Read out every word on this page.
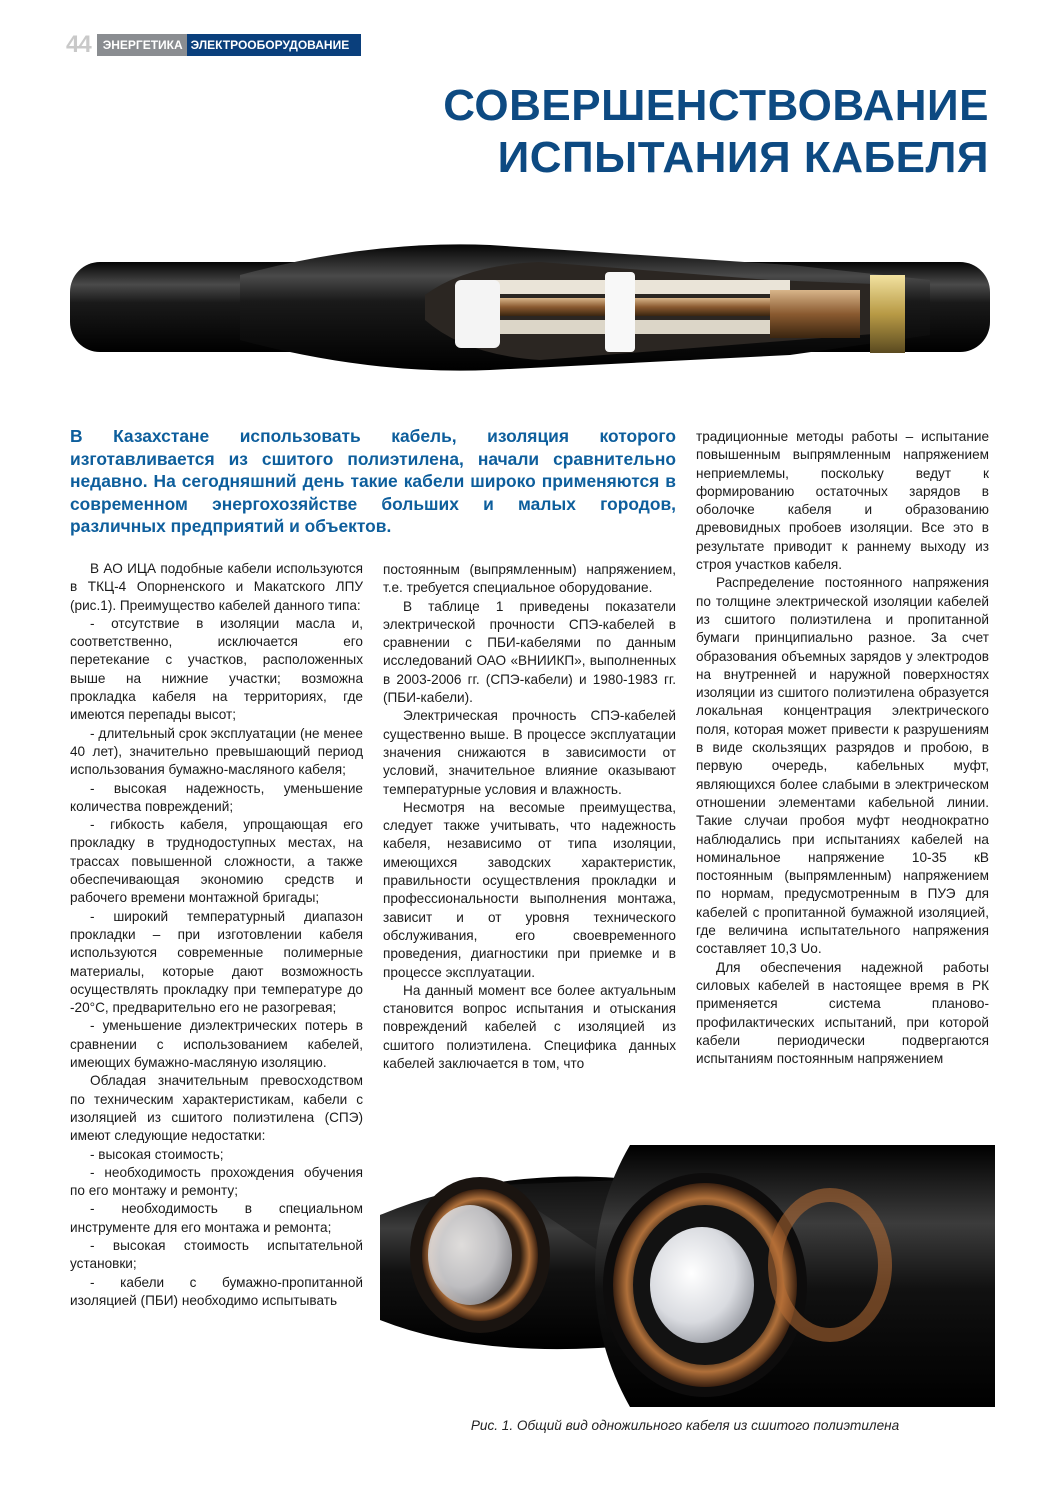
44	ЭНЕРГЕТИКА ЭЛЕКТРООБОРУДОВАНИЕ
СОВЕРШЕНСТВОВАНИЕ
ИСПЫТАНИЯ КАБЕЛЯ
В Казахстане использовать кабель, изоляция которого изготавливается из сшитого полиэтилена, начали сравнительно недавно. На сегодняшний день такие кабели широко применяются в современном энергохозяйстве больших и малых городов, различных предприятий и объектов.

В АО ИЦА подобные кабели используются в ТКЦ-4 Опорненского и Макатского ЛПУ (рис.1). Преимущество кабелей данного типа:

- отсутствие в изоляции масла и, соответственно, исключается его перетекание с участков, расположенных выше на нижние участки; возможна прокладка кабеля на территориях, где имеются перепады высот;

- длительный срок эксплуатации (не менее 40 лет), значительно превышающий период использования бумажно-масляного кабеля;

- высокая надежность, уменьшение количества повреждений;

- гибкость кабеля, упрощающая его прокладку в труднодоступных местах, на трассах повышенной сложности, а также обеспечивающая экономию средств и рабочего времени монтажной бригады;

- широкий температурный диапазон прокладки – при изготовлении кабеля используются современные полимерные материалы, которые дают возможность осуществлять прокладку при температуре до -20°С, предварительно его не разогревая;

- уменьшение диэлектрических потерь в сравнении с использованием кабелей, имеющих бумажно-масляную изоляцию.

Обладая значительным превосходством по техническим характеристикам, кабели с изоляцией из сшитого полиэтилена (СПЭ) имеют следующие недостатки:

- высокая стоимость;

- необходимость прохождения обучения по его монтажу и ремонту;

- необходимость в специальном инструменте для его монтажа и ремонта;

- высокая стоимость испытательной установки;

- кабели с бумажно-пропитанной изоляцией (ПБИ) необходимо испытывать

постоянным (выпрямленным) напряжением, т.е. требуется специальное оборудование.

В таблице 1 приведены показатели электрической прочности СПЭ-кабелей в сравнении с ПБИ-кабелями по данным исследований ОАО «ВНИИКП», выполненных в 2003-2006 гг. (СПЭ-кабели) и 1980-1983 гг. (ПБИ-кабели).

Электрическая прочность СПЭ-кабелей существенно выше. В процессе эксплуатации значения снижаются в зависимости от условий, значительное влияние оказывают температурные условия и влажность.

Несмотря на весомые преимущества, следует также учитывать, что надежность кабеля, независимо от типа изоляции, имеющихся заводских характеристик, правильности осуществления прокладки и профессиональности выполнения монтажа, зависит и от уровня технического обслуживания, его своевременного проведения, диагностики при приемке и в процессе эксплуатации.

На данный момент все более актуальным становится вопрос испытания и отыскания повреждений кабелей с изоляцией из сшитого полиэтилена. Специфика данных кабелей заключается в том, что

традиционные методы работы – испытание повышенным выпрямленным напряжением неприемлемы, поскольку ведут к формированию остаточных зарядов в оболочке кабеля и образованию древовидных пробоев изоляции. Все это в результате приводит к раннему выходу из строя участков кабеля.

Распределение постоянного напряжения по толщине электрической изоляции кабелей из сшитого полиэтилена и пропитанной бумаги принципиально разное. За счет образования объемных зарядов у электродов на внутренней и наружной поверхностях изоляции из сшитого полиэтилена образуется локальная концентрация электрического поля, которая может привести к разрушениям в виде скользящих разрядов и пробою, в первую очередь, кабельных муфт, являющихся более слабыми в электрическом отношении элементами кабельной линии. Такие случаи пробоя муфт неоднократно наблюдались при испытаниях кабелей на номинальное напряжение 10-35 кВ постоянным (выпрямленным) напряжением по нормам, предусмотренным в ПУЭ для кабелей с пропитанной бумажной изоляцией, где величина испытательного напряжения составляет 10,3 Uo.

Для обеспечения надежной работы силовых кабелей в настоящее время в РК применяется система планово-профилактических испытаний, при которой кабели периодически подвергаются испытаниям постоянным напряжением

Рис. 1. Общий вид одножильного кабеля из сшитого полиэтилена
